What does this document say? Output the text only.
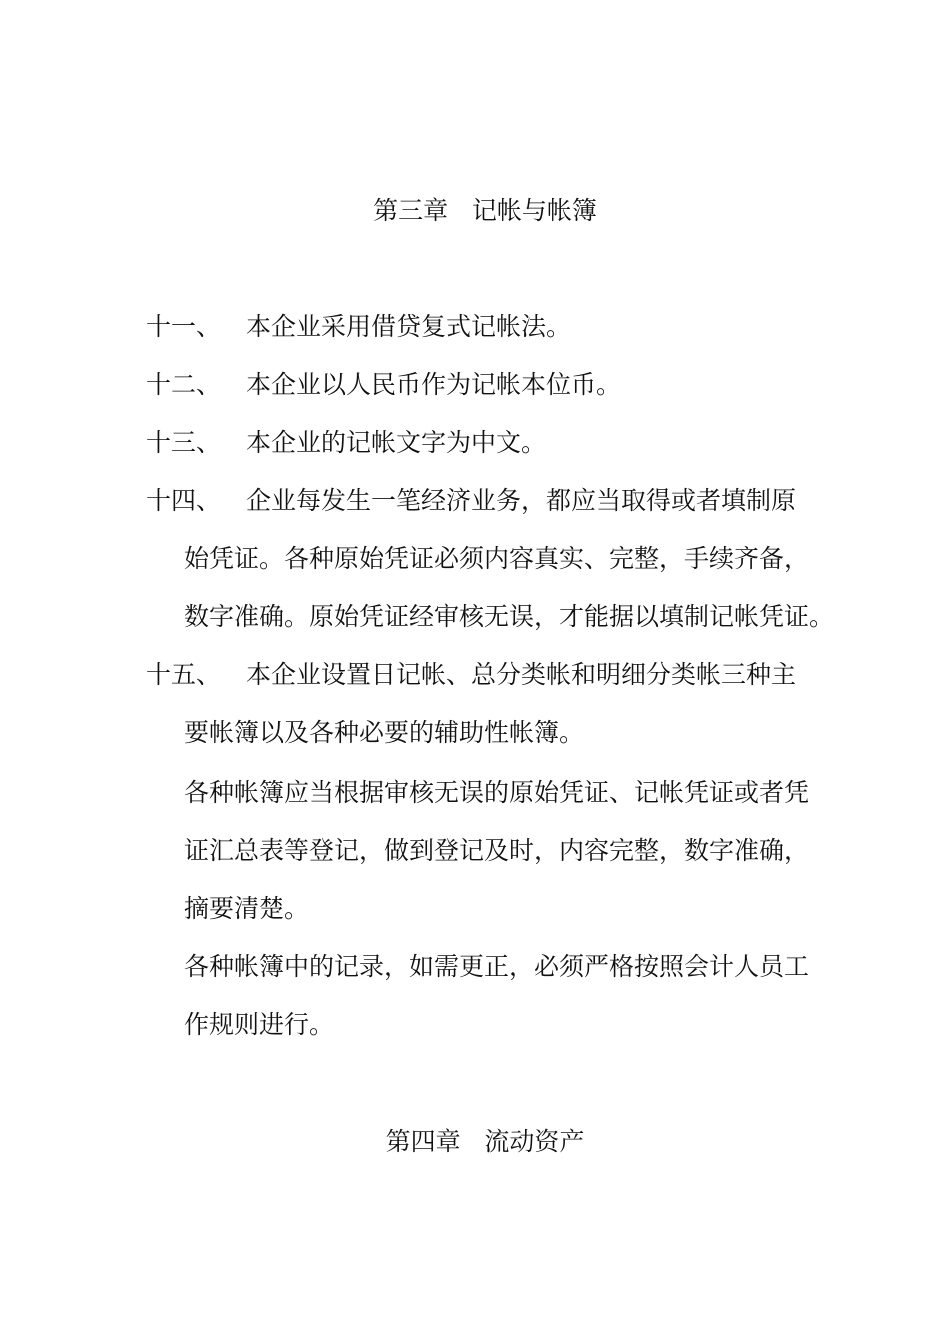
第三章   记帐与帐簿
十一、 本企业采用借贷复式记帐法。
十二、 本企业以人民币作为记帐本位币。
十三、 本企业的记帐文字为中文。
十四、 企业每发生一笔经济业务，都应当取得或者填制原
始凭证。各种原始凭证必须内容真实、完整，手续齐备，
数字准确。原始凭证经审核无误，才能据以填制记帐凭证。
十五、 本企业设置日记帐、总分类帐和明细分类帐三种主
要帐簿以及各种必要的辅助性帐簿。
各种帐簿应当根据审核无误的原始凭证、记帐凭证或者凭
证汇总表等登记，做到登记及时，内容完整，数字准确，
摘要清楚。
各种帐簿中的记录，如需更正，必须严格按照会计人员工
作规则进行。
第四章   流动资产
